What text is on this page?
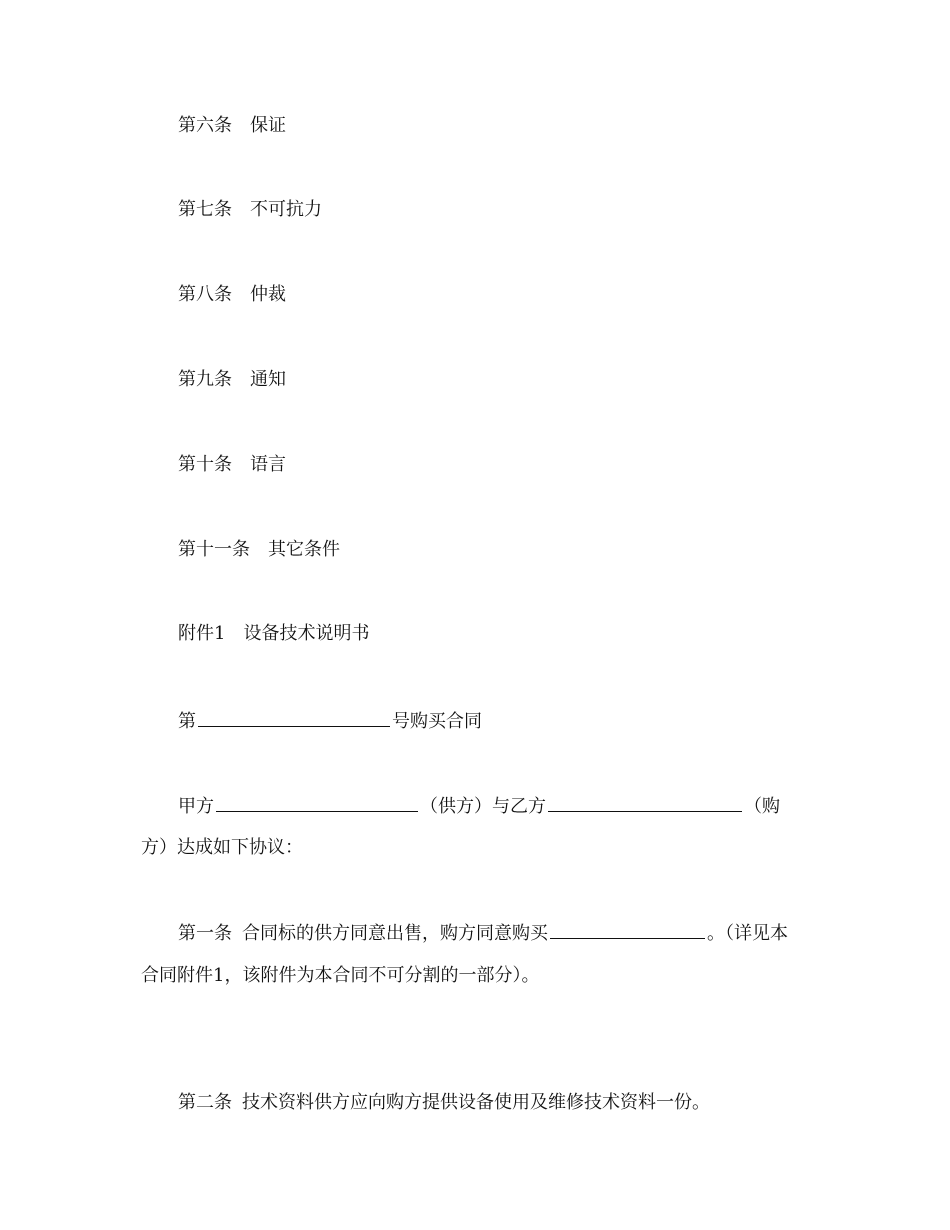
第六条 保证
第七条 不可抗力
第八条 仲裁
第九条 通知
第十条 语言
第十一条 其它条件
附件1 设备技术说明书
第	号购买合同
甲方	（供方）与乙方	（购
方）达成如下协议：
第一条 合同标的供方同意出售，购方同意购买	。（详见本
合同附件1，该附件为本合同不可分割的一部分）。
第二条 技术资料供方应向购方提供设备使用及维修技术资料一份。
